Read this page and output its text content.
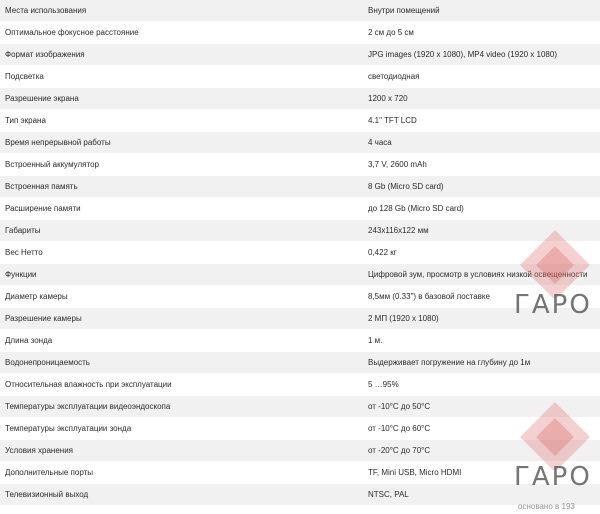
Места использования	Внутри помещений
Оптимальное фокусное расстояние	2 см до 5 см
Формат изображения	JPG images (1920 x 1080), MP4 video (1920 x 1080)
Подсветка	светодиодная
Разрешение экрана	1200 x 720
Тип экрана	4.1" TFT LCD
Время непрерывной работы	4 часа
Встроенный аккумулятор	3,7 V, 2600 mAh
Встроенная память	8 Gb (Micro SD card)
Расширение памяти	до 128 Gb (Micro SD card)
Габариты	243x116x122 мм
Вес Нетто	0,422 кг
Функции	Цифровой зум, просмотр в условиях низкой освещенности
Диаметр камеры	8,5мм (0.33") в базовой поставке
Разрешение камеры	2 МП (1920 х 1080)
Длина зонда	1 м.
Водонепроницаемость	Выдерживает погружение на глубину до 1м
Относительная влажность при эксплуатации	5 …95%
Температуры эксплуатации видеоэндоскопа	от -10°С до 50°С
Температуры эксплуатации зонда	от -10°С до 60°С
Условия хранения	от -20°С до 70°С
Дополнительные порты	TF, Mini USB, Micro HDMI
Телевизионный выход	NTSC, PAL
ГАРО
ГАРО
основано в 193
